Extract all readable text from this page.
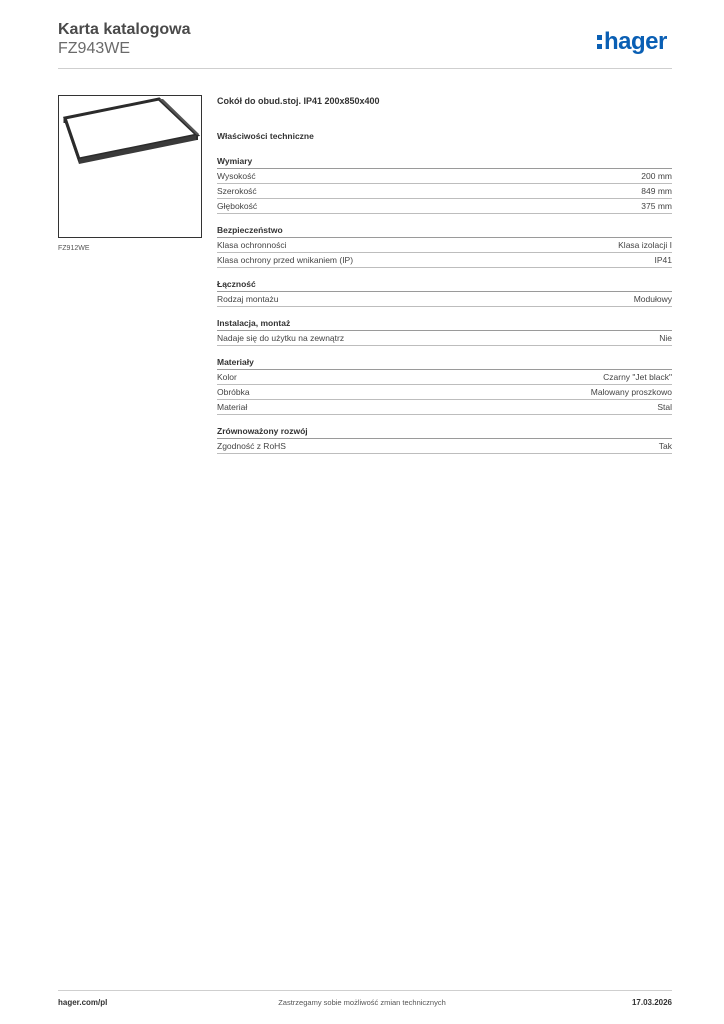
Karta katalogowa
FZ943WE	hager
FZ912WE
Cokół do obud.stoj. IP41 200x850x400
Właściwości techniczne
Wymiary
Wysokość	200 mm
Szerokość	849 mm
Głębokość	375 mm
Bezpieczeństwo
Klasa ochronności	Klasa izolacji I
Klasa ochrony przed wnikaniem (IP)	IP41
Łączność
Rodzaj montażu	Modułowy
Instalacja, montaż
Nadaje się do użytku na zewnątrz	Nie
Materiały
Kolor	Czarny "Jet black"
Obróbka	Malowany proszkowo
Materiał	Stal
Zrównoważony rozwój
Zgodność z RoHS	Tak
hager.com/pl	Zastrzegamy sobie możliwość zmian technicznych	17.03.2026
